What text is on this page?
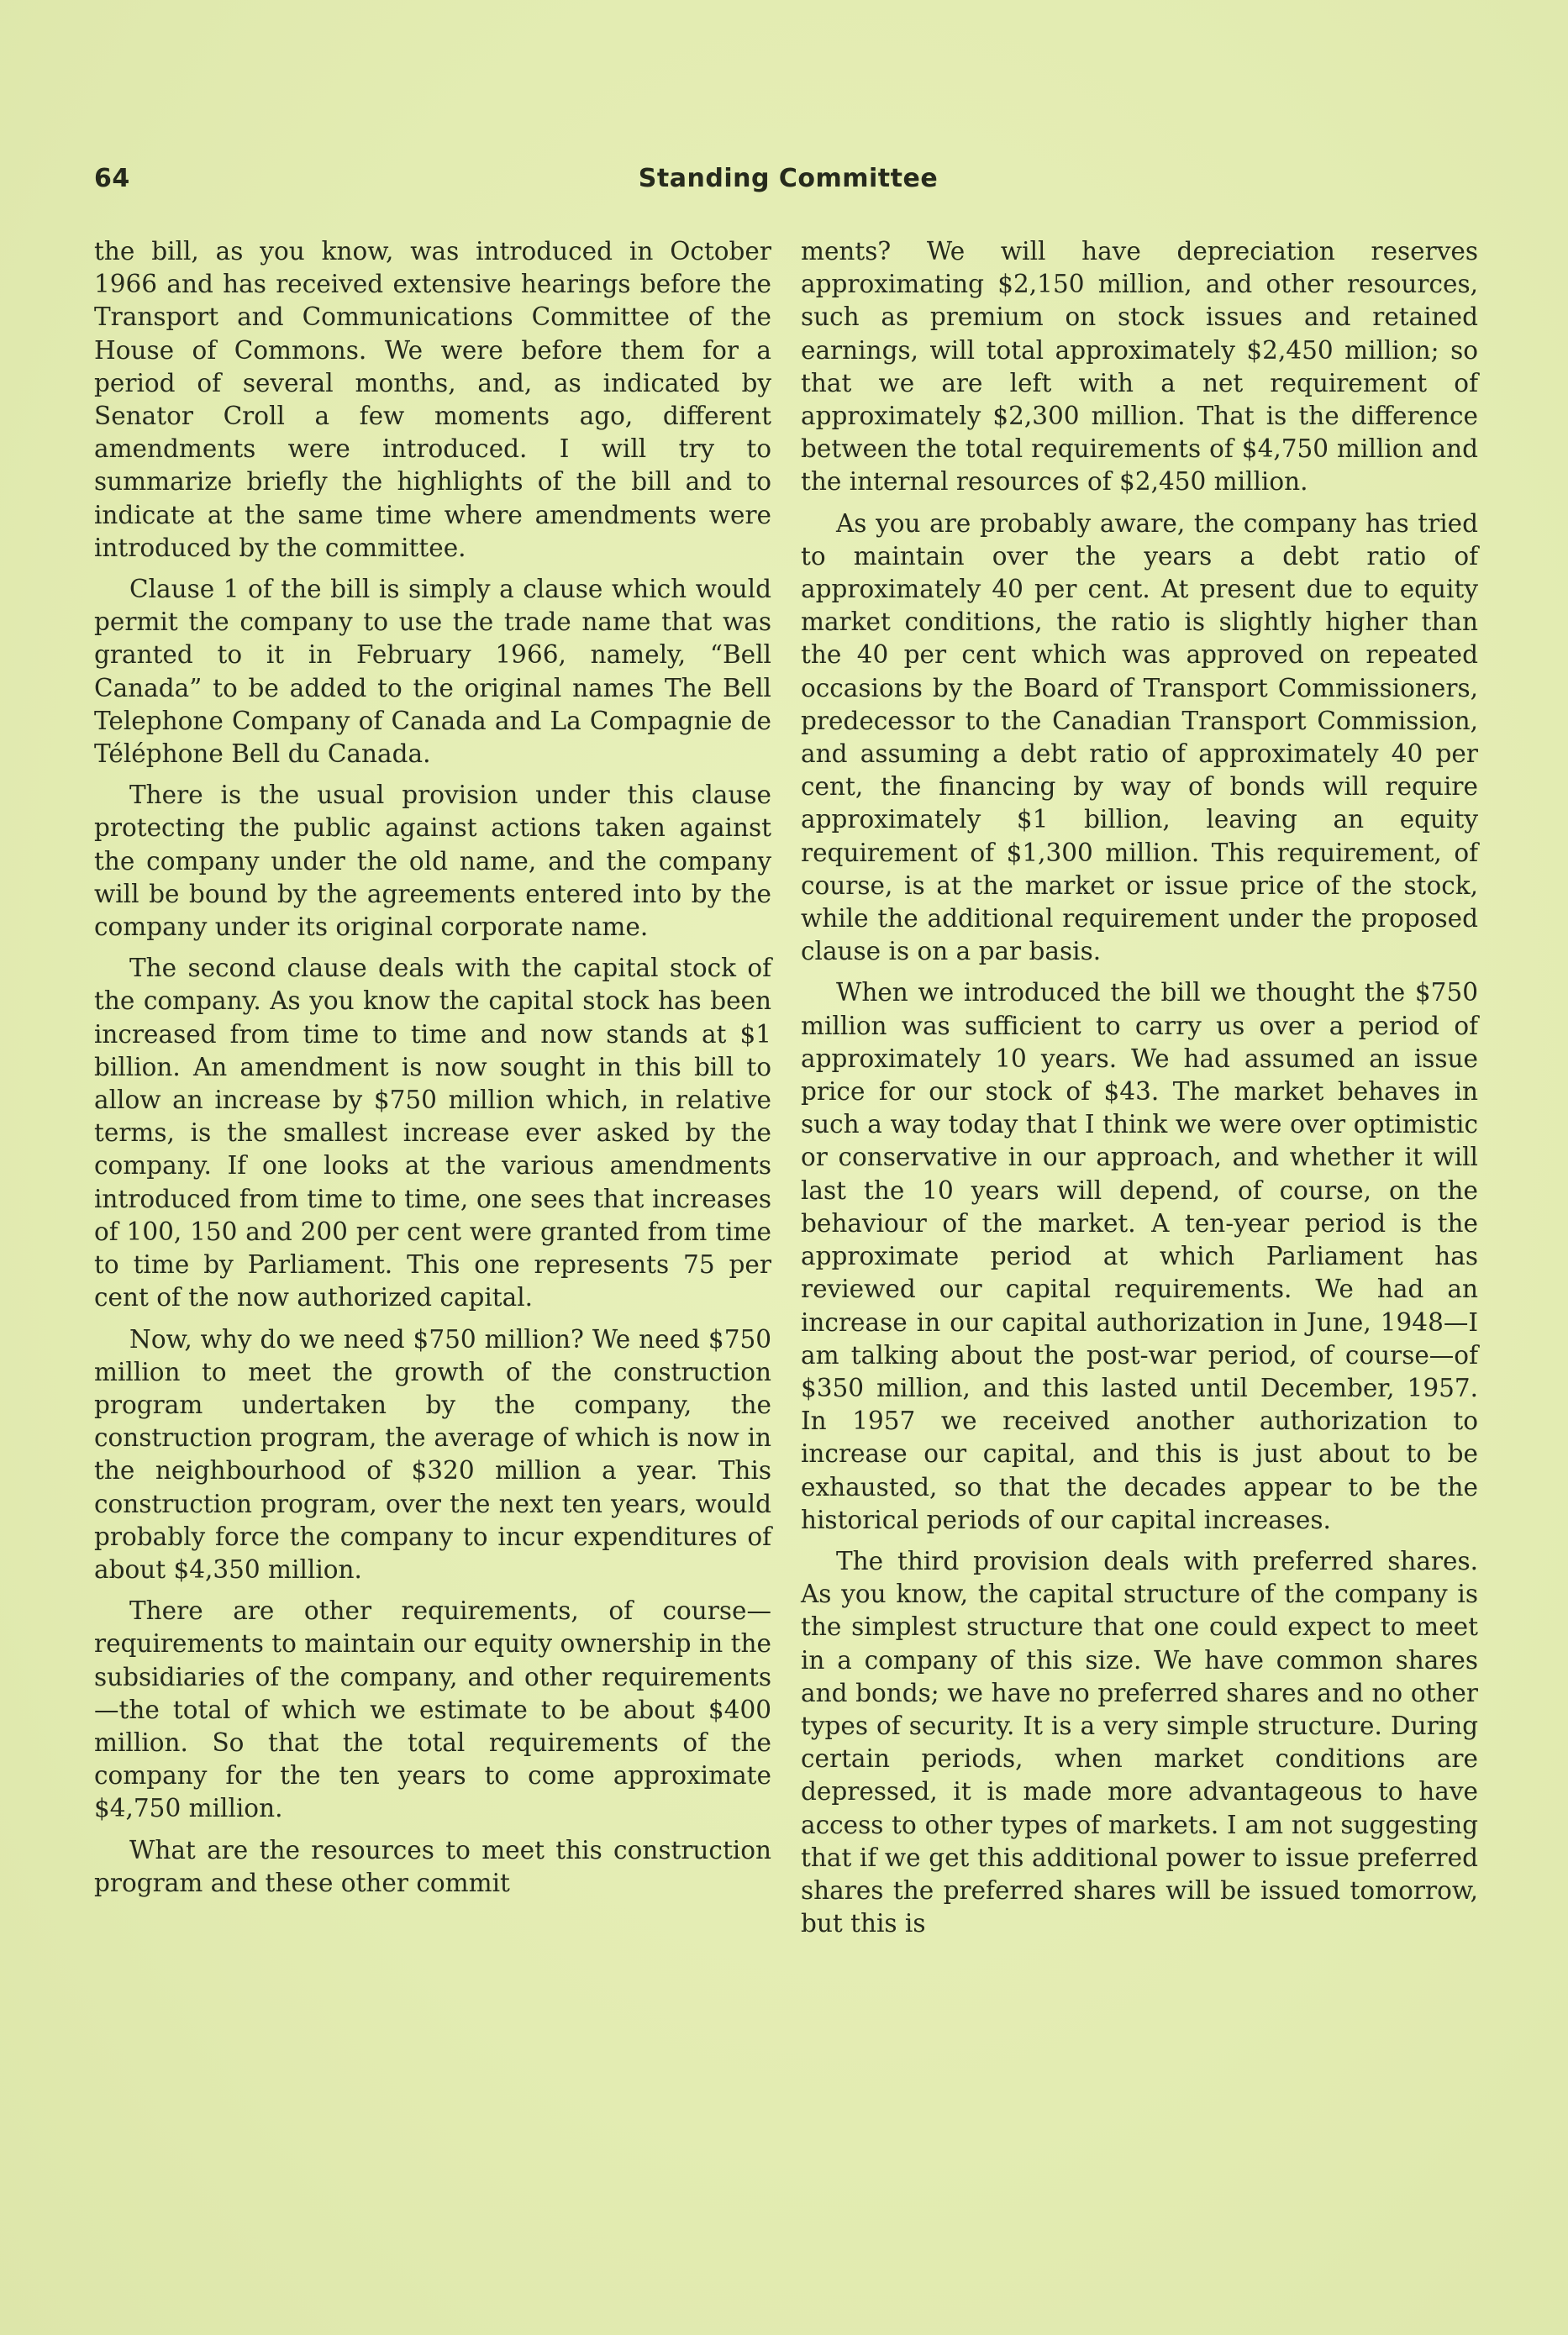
Standing Committee
64

the bill, as you know, was introduced in October 1966 and has received extensive hearings before the Transport and Communications Committee of the House of Commons. We were before them for a period of several months, and, as indicated by Senator Croll a few moments ago, different amendments were introduced. I will try to summarize briefly the highlights of the bill and to indicate at the same time where amendments were introduced by the committee.

Clause 1 of the bill is simply a clause which would permit the company to use the trade name that was granted to it in February 1966, namely, “Bell Canada” to be added to the original names The Bell Telephone Company of Canada and La Compagnie de Téléphone Bell du Canada.

There is the usual provision under this clause protecting the public against actions taken against the company under the old name, and the company will be bound by the agreements entered into by the company under its original corporate name.

The second clause deals with the capital stock of the company. As you know the capital stock has been increased from time to time and now stands at $1 billion. An amendment is now sought in this bill to allow an increase by $750 million which, in relative terms, is the smallest increase ever asked by the company. If one looks at the various amendments introduced from time to time, one sees that increases of 100, 150 and 200 per cent were granted from time to time by Parliament. This one represents 75 per cent of the now authorized capital.

Now, why do we need $750 million? We need $750 million to meet the growth of the construction program undertaken by the company, the construction program, the average of which is now in the neighbourhood of $320 million a year. This construction program, over the next ten years, would probably force the company to incur expenditures of about $4,350 million.

There are other requirements, of course—requirements to maintain our equity ownership in the subsidiaries of the company, and other requirements—the total of which we estimate to be about $400 million. So that the total requirements of the company for the ten years to come approximate $4,750 million.

What are the resources to meet this construction program and these other commit

ments? We will have depreciation reserves approximating $2,150 million, and other resources, such as premium on stock issues and retained earnings, will total approximately $2,450 million; so that we are left with a net requirement of approximately $2,300 million. That is the difference between the total requirements of $4,750 million and the internal resources of $2,450 million.

As you are probably aware, the company has tried to maintain over the years a debt ratio of approximately 40 per cent. At present due to equity market conditions, the ratio is slightly higher than the 40 per cent which was approved on repeated occasions by the Board of Transport Commissioners, predecessor to the Canadian Transport Commission, and assuming a debt ratio of approximately 40 per cent, the financing by way of bonds will require approximately $1 billion, leaving an equity requirement of $1,300 million. This requirement, of course, is at the market or issue price of the stock, while the additional requirement under the proposed clause is on a par basis.

When we introduced the bill we thought the $750 million was sufficient to carry us over a period of approximately 10 years. We had assumed an issue price for our stock of $43. The market behaves in such a way today that I think we were over optimistic or conservative in our approach, and whether it will last the 10 years will depend, of course, on the behaviour of the market. A ten-year period is the approximate period at which Parliament has reviewed our capital requirements. We had an increase in our capital authorization in June, 1948—I am talking about the post-war period, of course—of $350 million, and this lasted until December, 1957. In 1957 we received another authorization to increase our capital, and this is just about to be exhausted, so that the decades appear to be the historical periods of our capital increases.

The third provision deals with preferred shares. As you know, the capital structure of the company is the simplest structure that one could expect to meet in a company of this size. We have common shares and bonds; we have no preferred shares and no other types of security. It is a very simple structure. During certain periods, when market conditions are depressed, it is made more advantageous to have access to other types of markets. I am not suggesting that if we get this additional power to issue preferred shares the preferred shares will be issued tomorrow, but this is
